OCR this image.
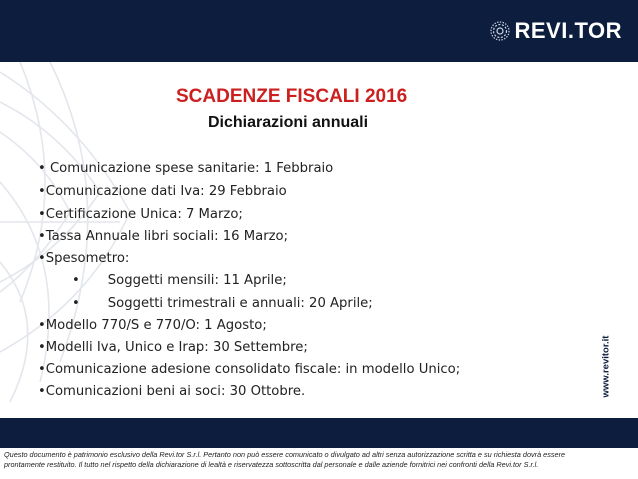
REVI.TOR
SCADENZE FISCALI 2016
Dichiarazioni annuali
• Comunicazione spese sanitarie: 1 Febbraio
•Comunicazione dati Iva: 29 Febbraio
•Certificazione Unica: 7 Marzo;
•Tassa Annuale libri sociali: 16 Marzo;
•Spesometro:
• Soggetti mensili: 11 Aprile;
• Soggetti trimestrali e annuali: 20 Aprile;
•Modello 770/S e 770/O: 1 Agosto;
•Modelli Iva, Unico e Irap: 30 Settembre;
•Comunicazione adesione consolidato fiscale: in modello Unico;
•Comunicazioni beni ai soci: 30 Ottobre.	www.revitor.it
Questo documento è patrimonio esclusivo della Revi.tor S.r.l. Pertanto non può essere comunicato o divulgato ad altri senza autorizzazione scritta e su richiesta dovrà essere
prontamente restituito. Il tutto nel rispetto della dichiarazione di lealtà e riservatezza sottoscritta dal personale e dalle aziende fornitrici nei confronti della Revi.tor S.r.l.
